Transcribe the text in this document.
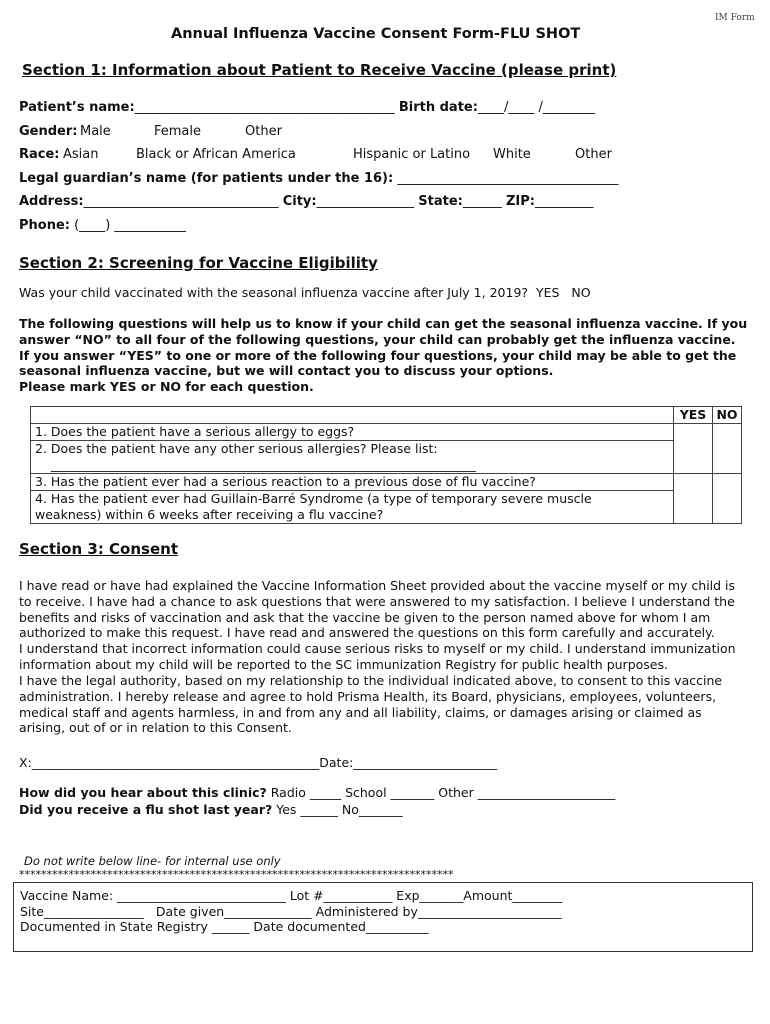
IM Form
Annual Influenza Vaccine Consent Form-FLU SHOT
Section 1: Information about Patient to Receive Vaccine (please print)
Patient’s name:________________________________________ Birth date:____/____ /________
Gender: Male	Female	Other
Race: Asian	Black or African America	Hispanic or Latino White	Other
Legal guardian’s name (for patients under the 16): __________________________________
Address:______________________________ City:_______________ State:______ ZIP:_________
Phone: (____) ___________
Section 2: Screening for Vaccine Eligibility
Was your child vaccinated with the seasonal influenza vaccine after July 1, 2019? YES NO
The following questions will help us to know if your child can get the seasonal influenza vaccine. If you
answer “NO” to all four of the following questions, your child can probably get the influenza vaccine.
If you answer “YES” to one or more of the following four questions, your child may be able to get the
seasonal influenza vaccine, but we will contact you to discuss your options.
Please mark YES or NO for each question.
	YES	NO
1. Does the patient have a serious allergy to eggs?		

2. Does the patient have any other serious allergies? Please list:
____________________________________________________________________		

3. Has the patient ever had a serious reaction to a previous dose of flu vaccine?		

4. Has the patient ever had Guillain-Barré Syndrome (a type of temporary severe muscle
weakness) within 6 weeks after receiving a flu vaccine?		
Section 3: Consent
I have read or have had explained the Vaccine Information Sheet provided about the vaccine myself or my child is
to receive. I have had a chance to ask questions that were answered to my satisfaction. I believe I understand the
benefits and risks of vaccination and ask that the vaccine be given to the person named above for whom I am
authorized to make this request. I have read and answered the questions on this form carefully and accurately.
I understand that incorrect information could cause serious risks to myself or my child. I understand immunization
information about my child will be reported to the SC immunization Registry for public health purposes.
I have the legal authority, based on my relationship to the individual indicated above, to consent to this vaccine
administration. I hereby release and agree to hold Prisma Health, its Board, physicians, employees, volunteers,
medical staff and agents harmless, in and from any and all liability, claims, or damages arising or claimed as
arising, out of or in relation to this Consent.
X:______________________________________________Date:_______________________
How did you hear about this clinic? Radio _____ School _______ Other ______________________
Did you receive a flu shot last year? Yes ______ No_______
Do not write below line- for internal use only
*******************************************************************************
Vaccine Name: ___________________________ Lot #___________ Exp_______Amount________
Site________________   Date given______________ Administered by_______________________
Documented in State Registry ______ Date documented__________
